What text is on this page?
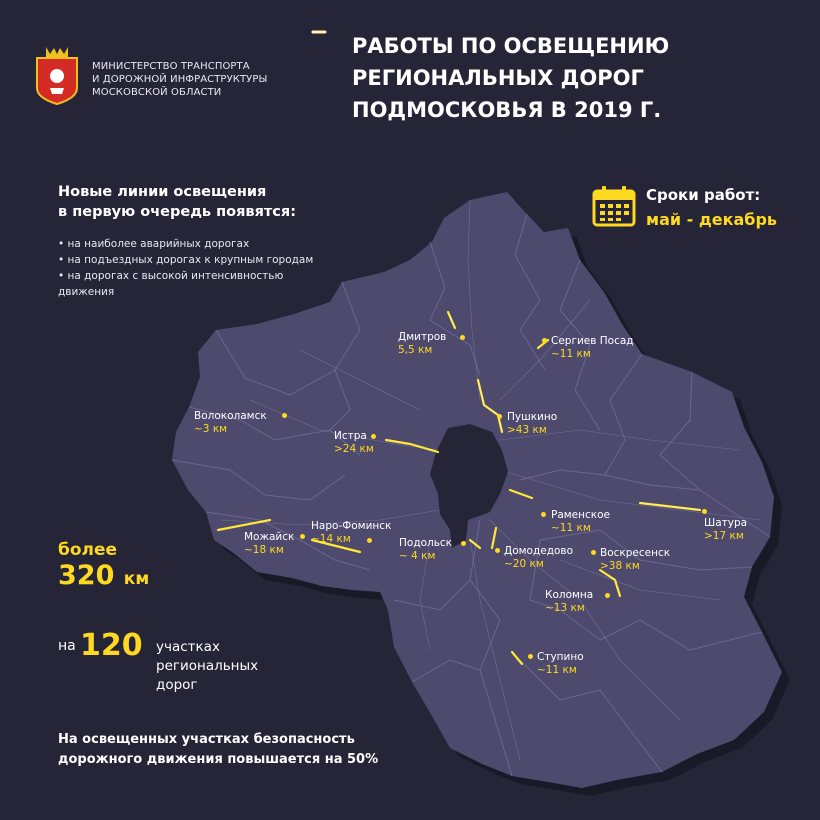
МИНИСТЕРСТВО ТРАНСПОРТА
И ДОРОЖНОЙ ИНФРАСТРУКТУРЫ
МОСКОВСКОЙ ОБЛАСТИ
РАБОТЫ ПО ОСВЕЩЕНИЮ
РЕГИОНАЛЬНЫХ ДОРОГ
ПОДМОСКОВЬЯ В 2019 Г.
Новые линии освещения
в первую очередь появятся:
• на наиболее аварийных дорогах
• на подъездных дорогах к крупным городам
• на дорогах с высокой интенсивностью
движения
Сроки работ:
май - декабрь
Дмитров
5,5 км
Сергиев Посад
~11 км
Волоколамск
~3 км
Истра
>24 км
Пушкино
>43 км
Раменское
~11 км	Шатура
>17 км
Наро-Фоминск
~14 км
Можайск
~18 км
Подольск
~ 4 км	Домодедово
~20 км
Воскресенск
>38 км
Коломна
~13 км
Ступино
~11 км
более
320 км
на 120 участках
региональных
дорог
На освещенных участках безопасность
дорожного движения повышается на 50%
